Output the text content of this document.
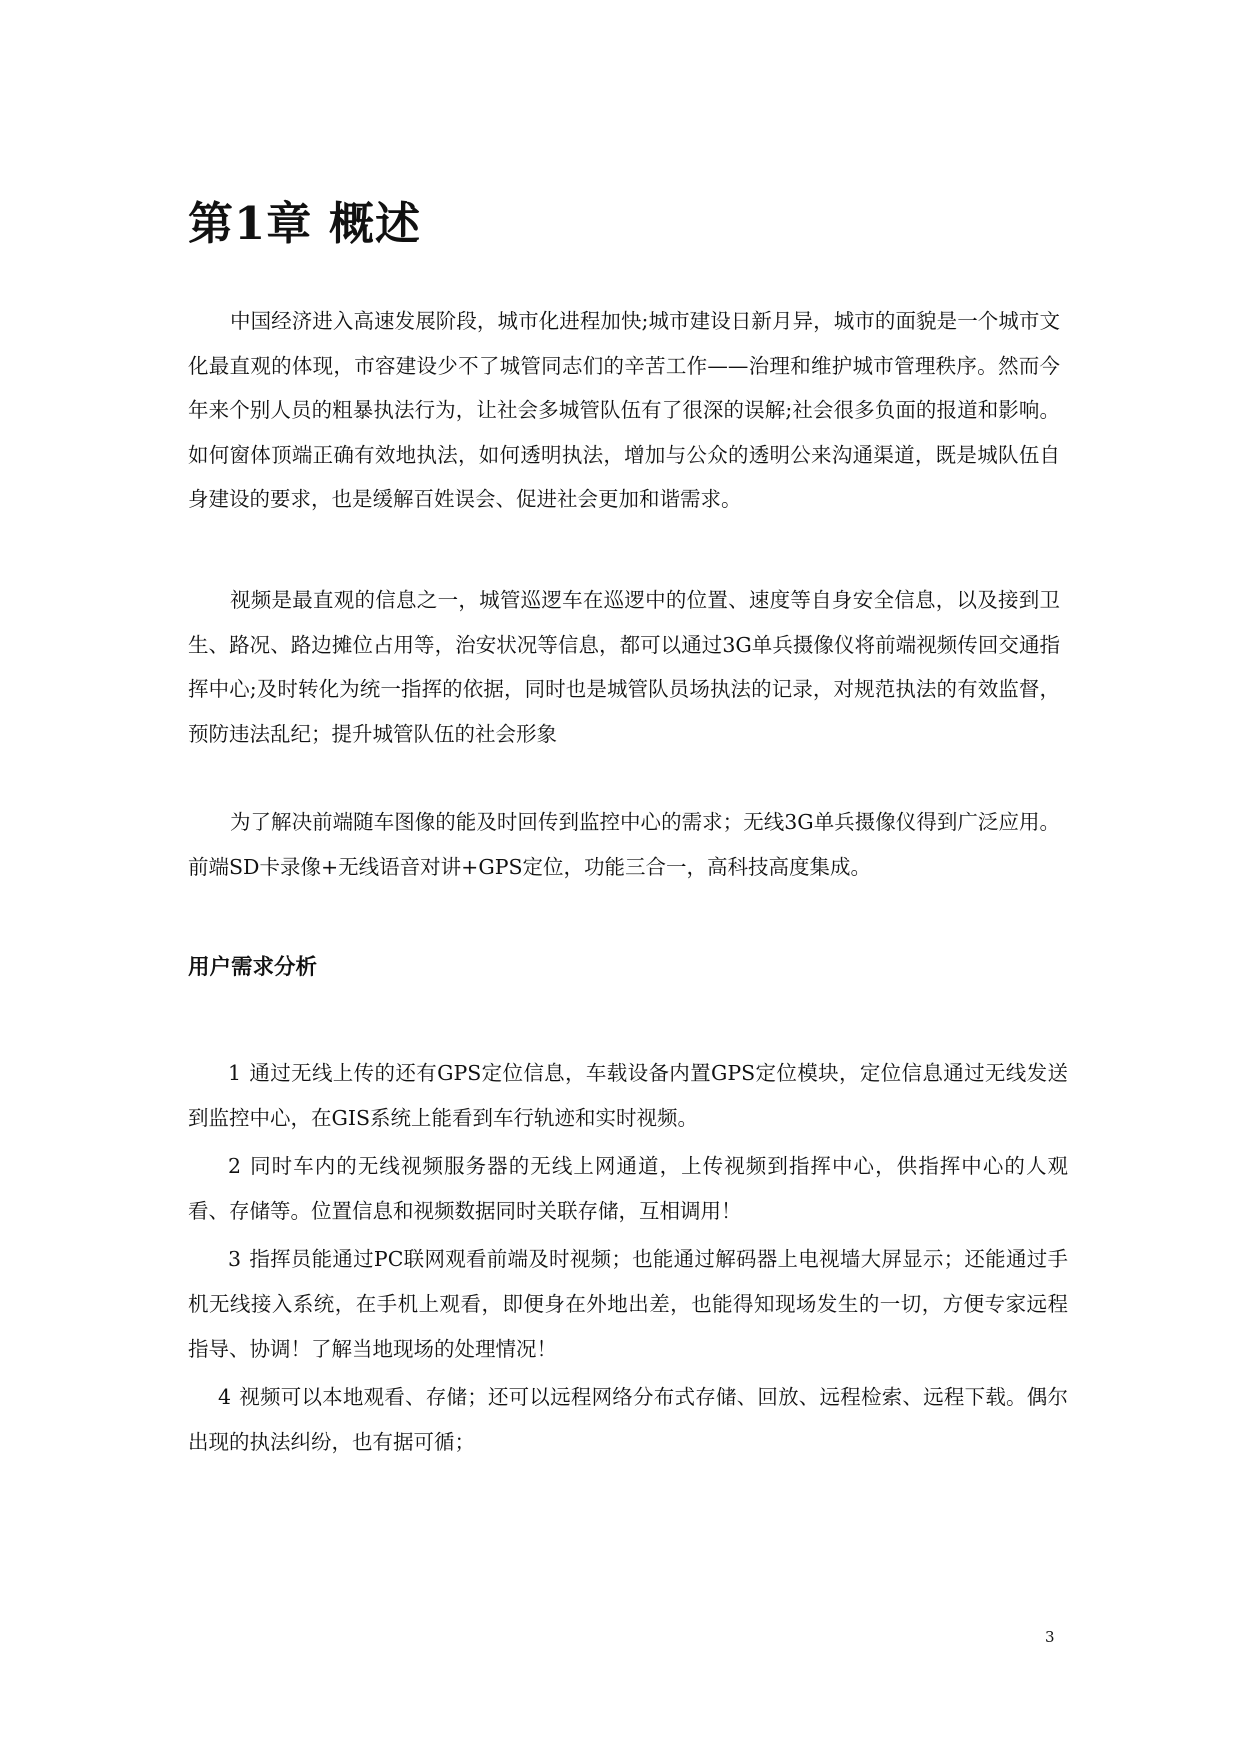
第1章 概述

中国经济进入高速发展阶段，城市化进程加快;城市建设日新月异，城市的面貌是一个城市文化最直观的体现，市容建设少不了城管同志们的辛苦工作——治理和维护城市管理秩序。然而今年来个别人员的粗暴执法行为，让社会多城管队伍有了很深的误解;社会很多负面的报道和影响。如何窗体顶端正确有效地执法，如何透明执法，增加与公众的透明公来沟通渠道，既是城队伍自身建设的要求，也是缓解百姓误会、促进社会更加和谐需求。

视频是最直观的信息之一，城管巡逻车在巡逻中的位置、速度等自身安全信息，以及接到卫生、路况、路边摊位占用等，治安状况等信息，都可以通过3G单兵摄像仪将前端视频传回交通指挥中心;及时转化为统一指挥的依据，同时也是城管队员场执法的记录，对规范执法的有效监督，预防违法乱纪；提升城管队伍的社会形象

为了解决前端随车图像的能及时回传到监控中心的需求；无线3G单兵摄像仪得到广泛应用。前端SD卡录像+无线语音对讲+GPS定位，功能三合一，高科技高度集成。

用户需求分析
1 通过无线上传的还有GPS定位信息，车载设备内置GPS定位模块，定位信息通过无线发送到监控中心，在GIS系统上能看到车行轨迹和实时视频。
2 同时车内的无线视频服务器的无线上网通道，上传视频到指挥中心，供指挥中心的人观看、存储等。位置信息和视频数据同时关联存储，互相调用！
3 指挥员能通过PC联网观看前端及时视频；也能通过解码器上电视墙大屏显示；还能通过手机无线接入系统，在手机上观看，即便身在外地出差，也能得知现场发生的一切，方便专家远程指导、协调！了解当地现场的处理情况！
4 视频可以本地观看、存储；还可以远程网络分布式存储、回放、远程检索、远程下载。偶尔出现的执法纠纷，也有据可循；
3
